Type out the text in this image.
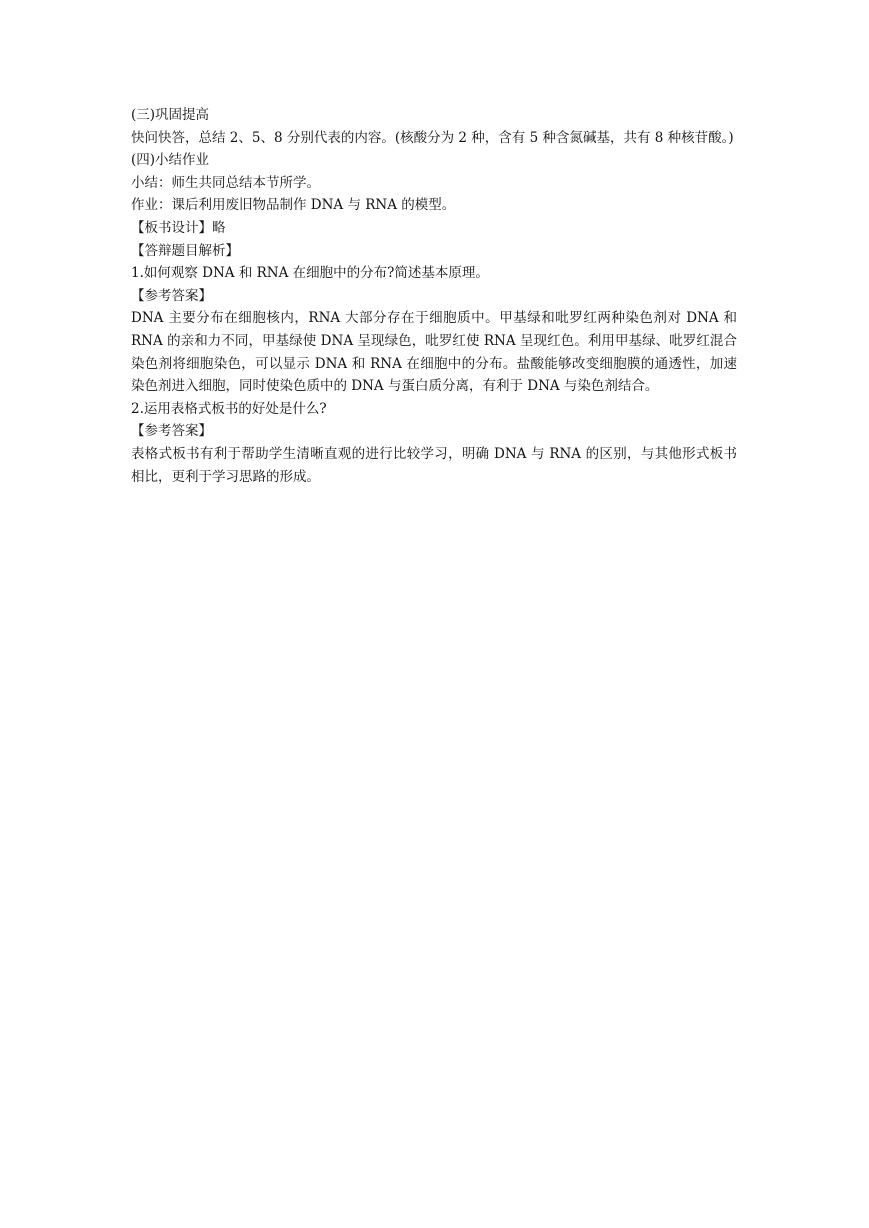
(三)巩固提高

快问快答，总结 2、5、8 分别代表的内容。(核酸分为 2 种，含有 5 种含氮碱基，共有 8 种核苷酸。)

(四)小结作业

小结：师生共同总结本节所学。

作业：课后利用废旧物品制作 DNA 与 RNA 的模型。

【板书设计】略

【答辩题目解析】

1.如何观察 DNA 和 RNA 在细胞中的分布?简述基本原理。

【参考答案】

DNA 主要分布在细胞核内，RNA 大部分存在于细胞质中。甲基绿和吡罗红两种染色剂对 DNA 和 RNA 的亲和力不同，甲基绿使 DNA 呈现绿色，吡罗红使 RNA 呈现红色。利用甲基绿、吡罗红混合染色剂将细胞染色，可以显示 DNA 和 RNA 在细胞中的分布。盐酸能够改变细胞膜的通透性，加速染色剂进入细胞，同时使染色质中的 DNA 与蛋白质分离，有利于 DNA 与染色剂结合。

2.运用表格式板书的好处是什么?

【参考答案】

表格式板书有利于帮助学生清晰直观的进行比较学习，明确 DNA 与 RNA 的区别，与其他形式板书相比，更利于学习思路的形成。
